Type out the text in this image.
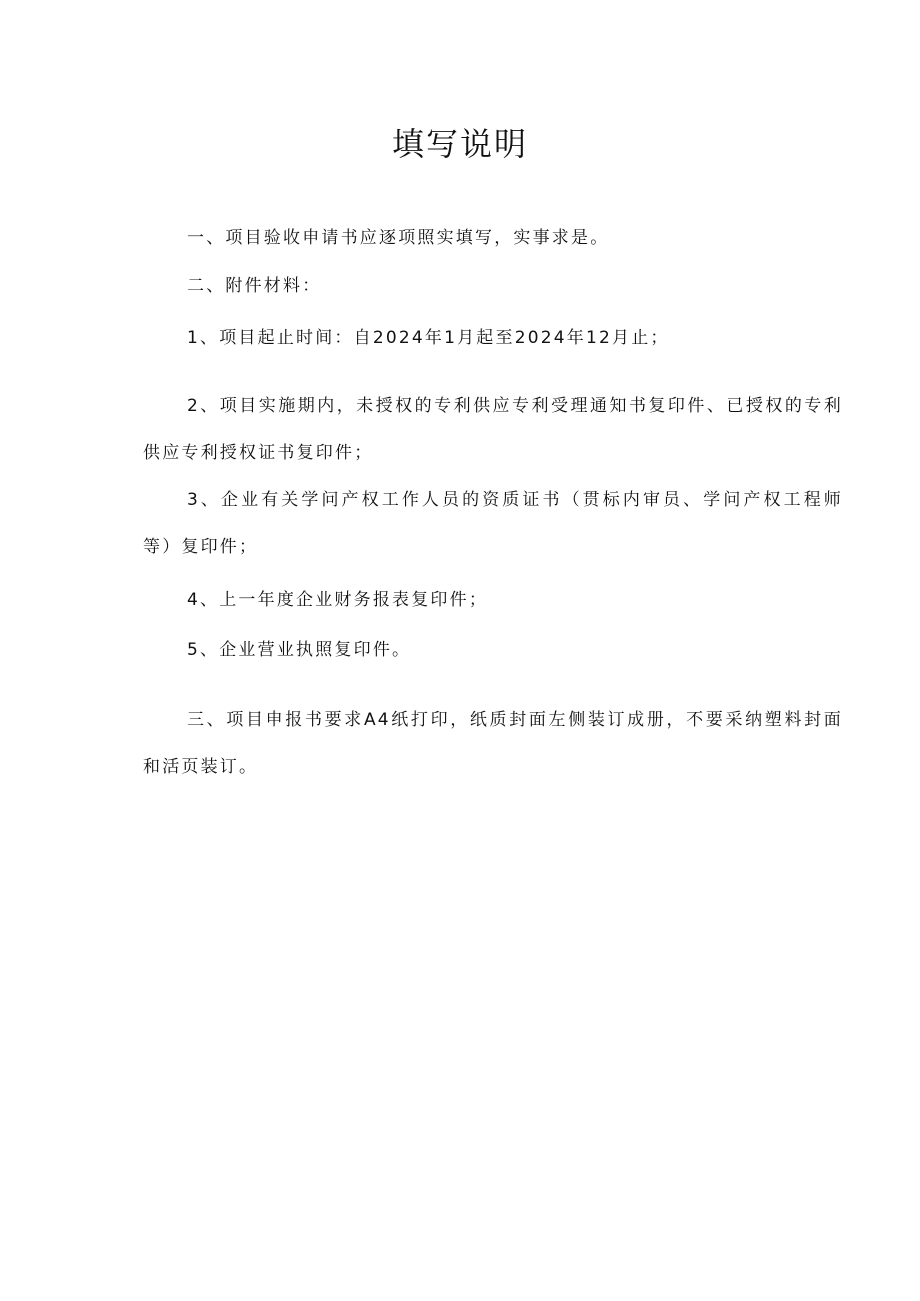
填写说明
一、项目验收申请书应逐项照实填写，实事求是。
二、附件材料：
1、项目起止时间：自2024年1月起至2024年12月止；
2、项目实施期内，未授权的专利供应专利受理通知书复印件、已授权的专利供应专利授权证书复印件；
3、企业有关学问产权工作人员的资质证书（贯标内审员、学问产权工程师等）复印件；
4、上一年度企业财务报表复印件；
5、企业营业执照复印件。
三、项目申报书要求A4纸打印，纸质封面左侧装订成册，不要采纳塑料封面和活页装订。
